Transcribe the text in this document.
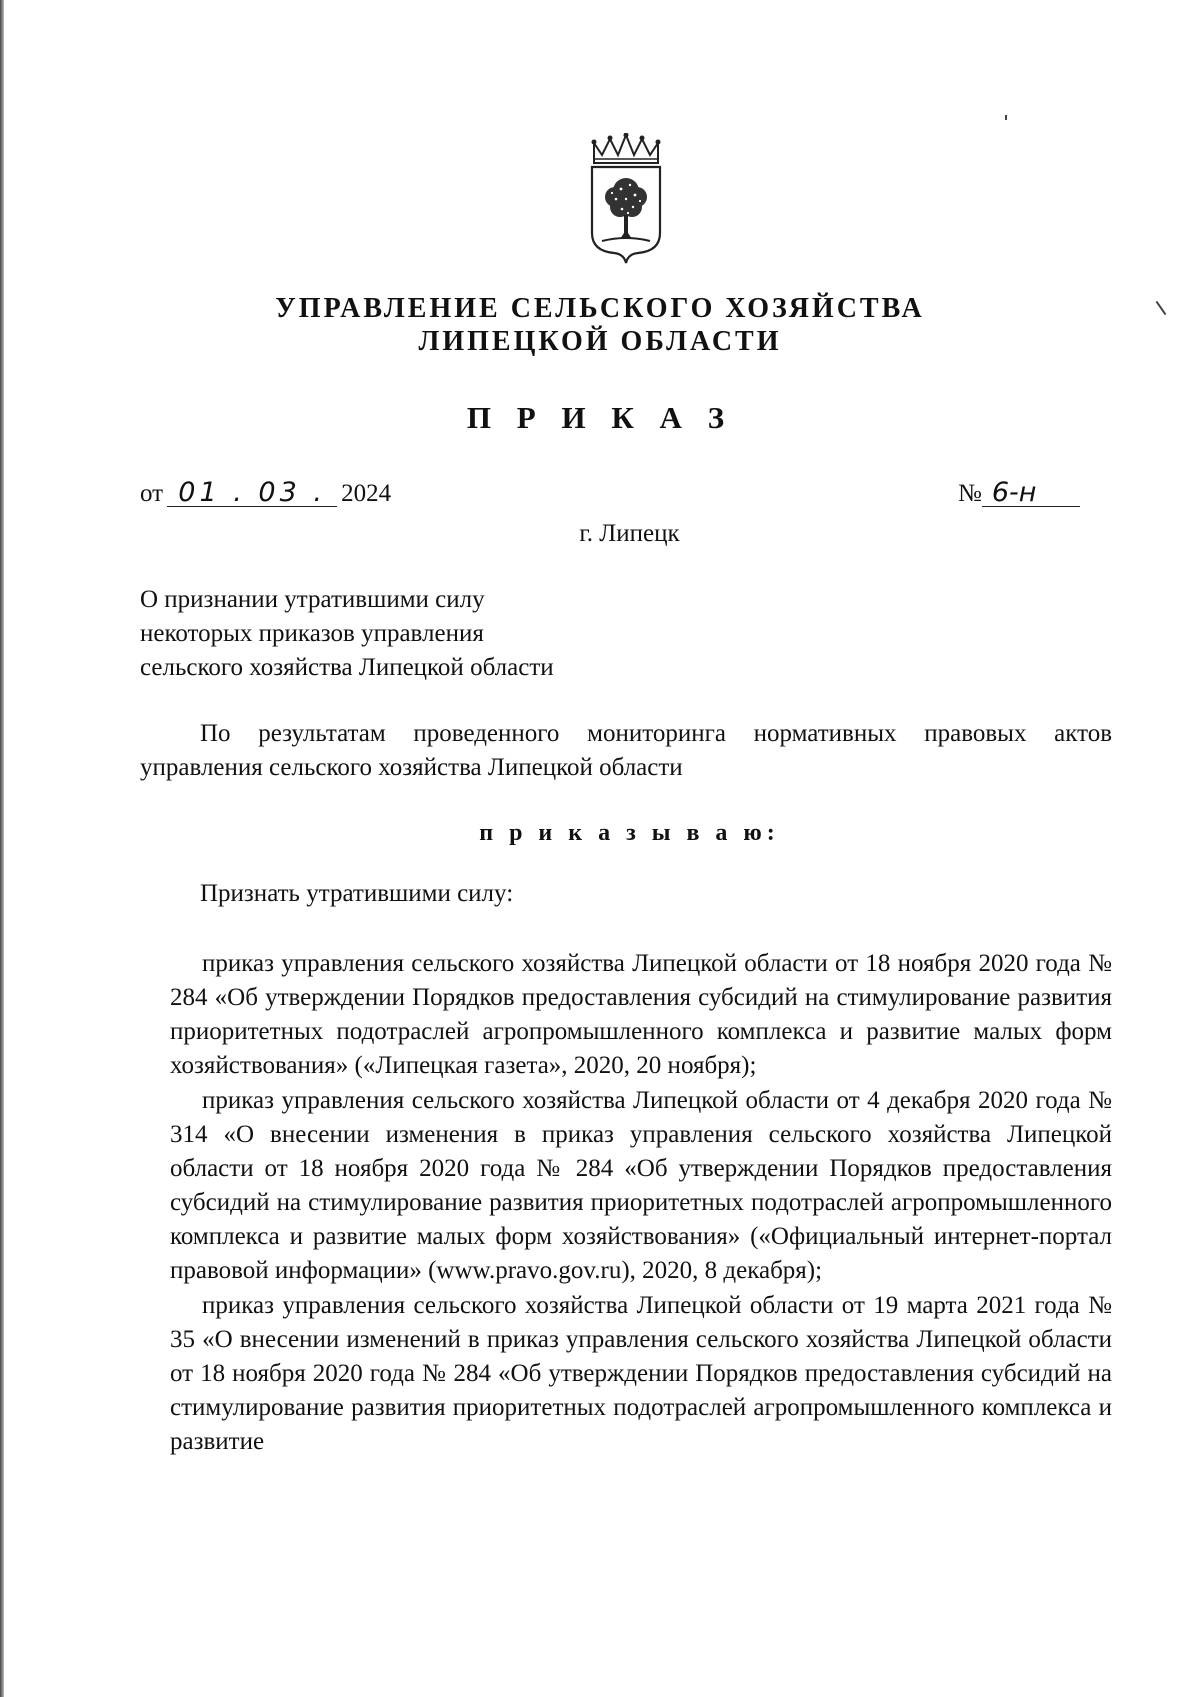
УПРАВЛЕНИЕ СЕЛЬСКОГО ХОЗЯЙСТВА
ЛИПЕЦКОЙ ОБЛАСТИ
П Р И К А З
от 01 . 03 . 2024	№ 6-н
г. Липецк
О признании утратившими силу
некоторых приказов управления
сельского хозяйства Липецкой области
По результатам проведенного мониторинга нормативных правовых актов управления сельского хозяйства Липецкой области
п р и к а з ы в а ю:
Признать утратившими силу:

приказ управления сельского хозяйства Липецкой области от 18 ноября 2020 года № 284 «Об утверждении Порядков предоставления субсидий на стимулирование развития приоритетных подотраслей агропромышленного комплекса и развитие малых форм хозяйствования» («Липецкая газета», 2020, 20 ноября);

приказ управления сельского хозяйства Липецкой области от 4 декабря 2020 года № 314 «О внесении изменения в приказ управления сельского хозяйства Липецкой области от 18 ноября 2020 года № 284 «Об утверждении Порядков предоставления субсидий на стимулирование развития приоритетных подотраслей агропромышленного комплекса и развитие малых форм хозяйствования» («Официальный интернет-портал правовой информации» (www.pravo.gov.ru), 2020, 8 декабря);

приказ управления сельского хозяйства Липецкой области от 19 марта 2021 года № 35 «О внесении изменений в приказ управления сельского хозяйства Липецкой области от 18 ноября 2020 года № 284 «Об утверждении Порядков предоставления субсидий на стимулирование развития приоритетных подотраслей агропромышленного комплекса и развитие
